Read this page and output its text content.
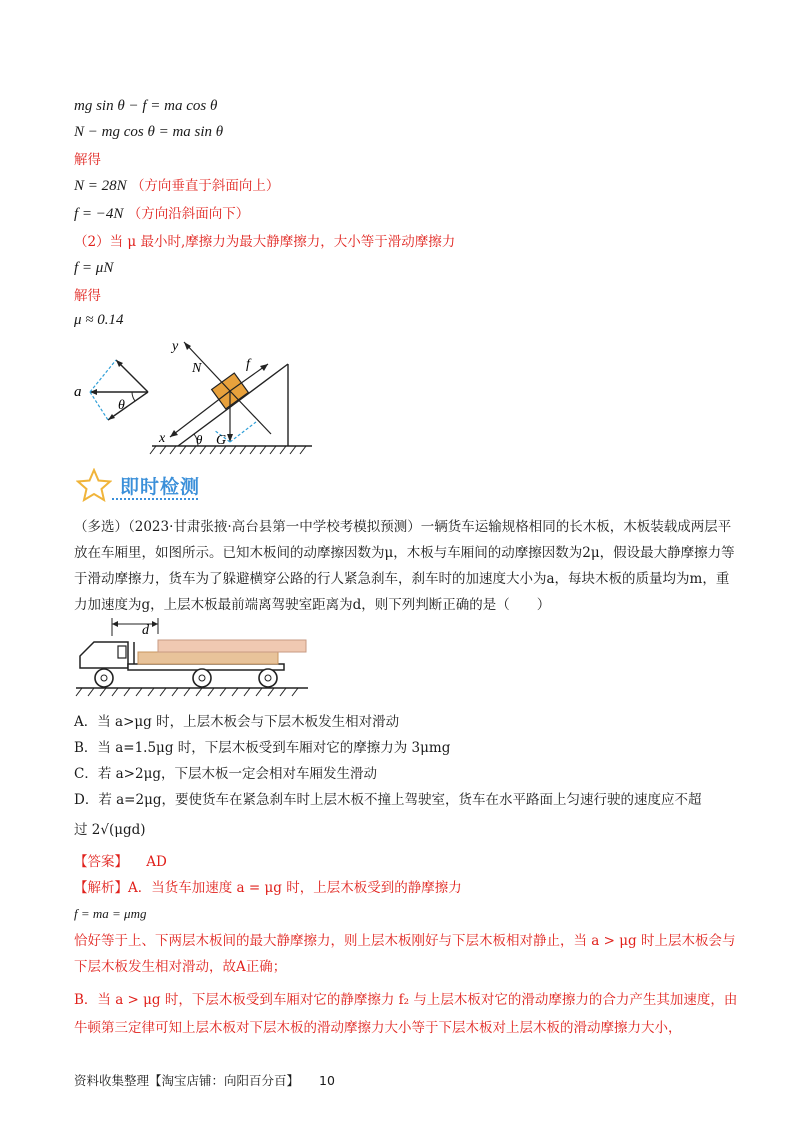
mg sin θ − f = ma cos θ
N − mg cos θ = ma sin θ
解得
N = 28N （方向垂直于斜面向上）
f = −4N （方向沿斜面向下）
（2）当 μ 最小时,摩擦力为最大静摩擦力，大小等于滑动摩擦力
f = μN
解得
μ ≈ 0.14
a
θ
y
N	f
x θ G
即时检测
（多选）（2023·甘肃张掖·高台县第一中学校考模拟预测）一辆货车运输规格相同的长木板，木板装载成两层平放在车厢里，如图所示。已知木板间的动摩擦因数为μ，木板与车厢间的动摩擦因数为2μ，假设最大静摩擦力等于滑动摩擦力，货车为了躲避横穿公路的行人紧急刹车，刹车时的加速度大小为a，每块木板的质量均为m，重力加速度为g，上层木板最前端离驾驶室距离为d，则下列判断正确的是（　　）
d
A．当 a>μg 时，上层木板会与下层木板发生相对滑动
B．当 a=1.5μg 时，下层木板受到车厢对它的摩擦力为 3μmg
C．若 a>2μg，下层木板一定会相对车厢发生滑动
D．若 a=2μg，要使货车在紧急刹车时上层木板不撞上驾驶室，货车在水平路面上匀速行驶的速度应不超
过 2√(μgd)
【答案】 AD
【解析】A．当货车加速度 a = μg 时，上层木板受到的静摩擦力
f = ma = μmg
恰好等于上、下两层木板间的最大静摩擦力，则上层木板刚好与下层木板相对静止，当 a > μg 时上层木板会与下层木板发生相对滑动，故A正确；
B．当 a > μg 时，下层木板受到车厢对它的静摩擦力 f₂ 与上层木板对它的滑动摩擦力的合力产生其加速度，由牛顿第三定律可知上层木板对下层木板的滑动摩擦力大小等于下层木板对上层木板的滑动摩擦力大小，
资料收集整理【淘宝店铺：向阳百分百】 10
